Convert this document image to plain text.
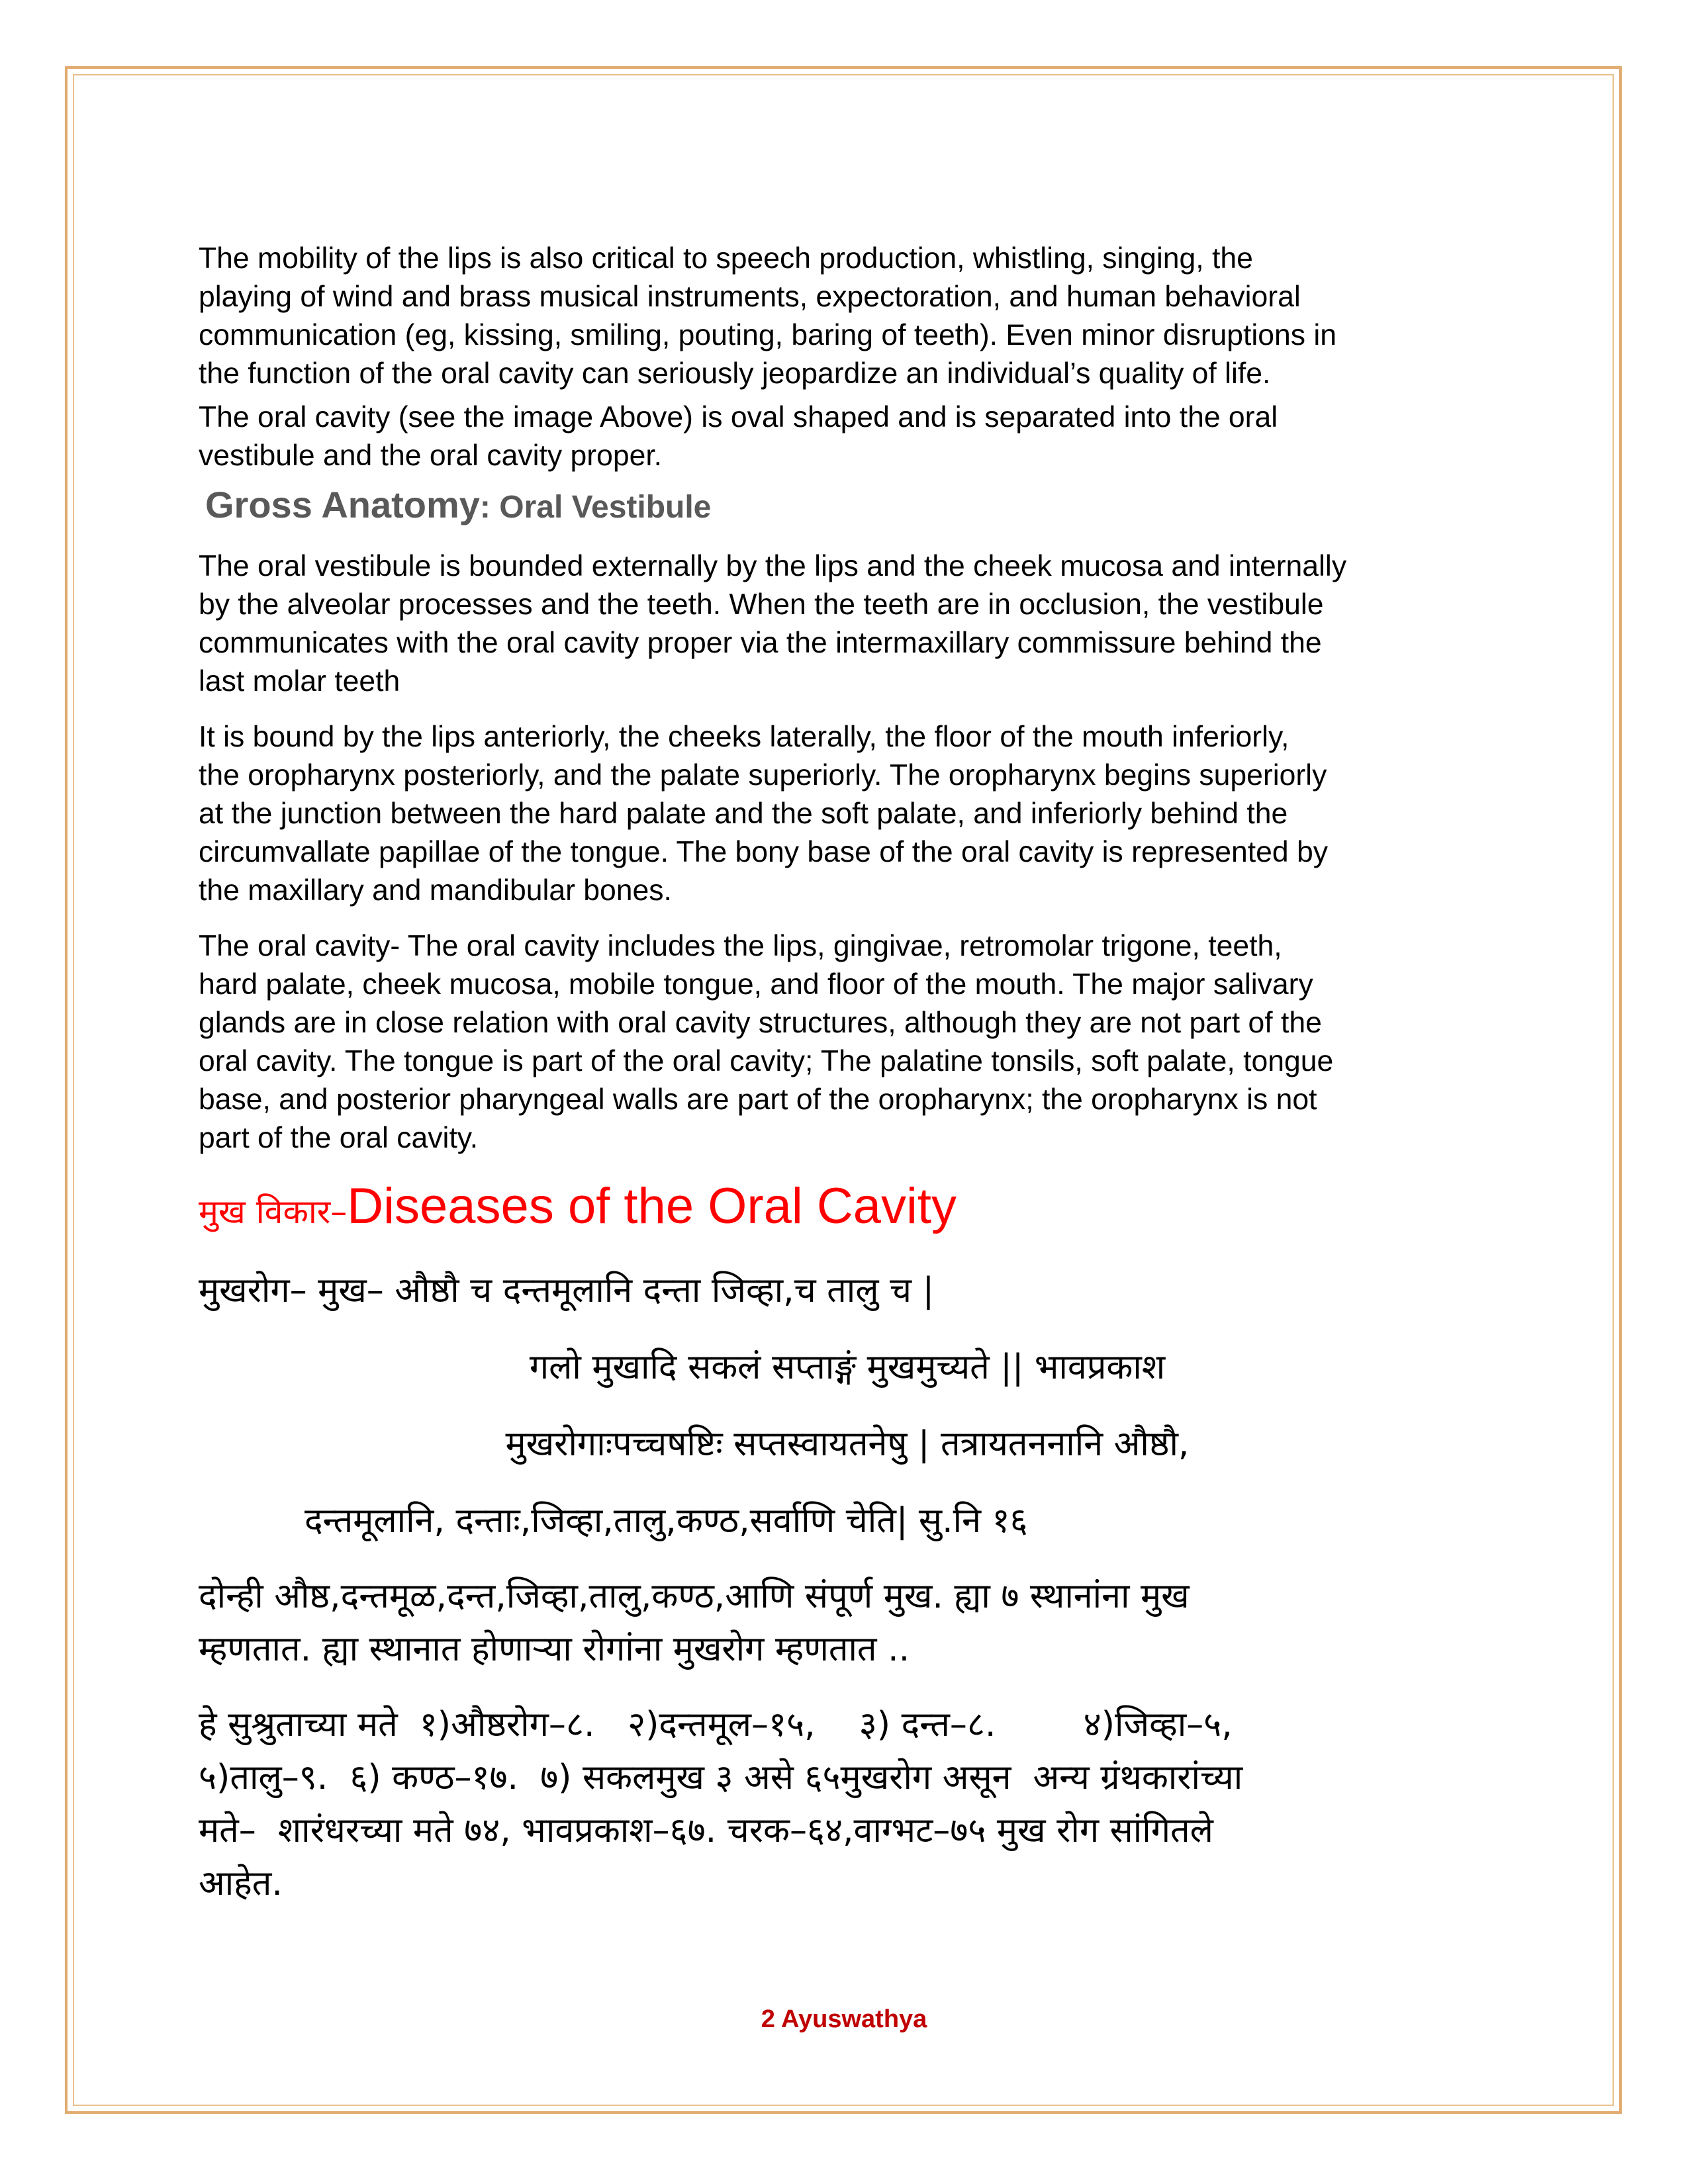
The mobility of the lips is also critical to speech production, whistling, singing, the
playing of wind and brass musical instruments, expectoration, and human behavioral
communication (eg, kissing, smiling, pouting, baring of teeth). Even minor disruptions in
the function of the oral cavity can seriously jeopardize an individual’s quality of life.

The oral cavity (see the image Above) is oval shaped and is separated into the oral
vestibule and the oral cavity proper.

Gross Anatomy: Oral Vestibule

The oral vestibule is bounded externally by the lips and the cheek mucosa and internally
by the alveolar processes and the teeth. When the teeth are in occlusion, the vestibule
communicates with the oral cavity proper via the intermaxillary commissure behind the
last molar teeth

It is bound by the lips anteriorly, the cheeks laterally, the floor of the mouth inferiorly,
the oropharynx posteriorly, and the palate superiorly. The oropharynx begins superiorly
at the junction between the hard palate and the soft palate, and inferiorly behind the
circumvallate papillae of the tongue. The bony base of the oral cavity is represented by
the maxillary and mandibular bones.

The oral cavity- The oral cavity includes the lips, gingivae, retromolar trigone, teeth,
hard palate, cheek mucosa, mobile tongue, and floor of the mouth. The major salivary
glands are in close relation with oral cavity structures, although they are not part of the
oral cavity. The tongue is part of the oral cavity; The palatine tonsils, soft palate, tongue
base, and posterior pharyngeal walls are part of the oropharynx; the oropharynx is not
part of the oral cavity.

मुख विकार–Diseases of the Oral Cavity

मुखरोग– मुख– औष्ठौ च दन्तमूलानि दन्ता जिव्हा,च तालु च |

गलो मुखादि सकलं सप्ताङ्गं मुखमुच्यते || भावप्रकाश

मुखरोगाःपच्चषष्टिः सप्तस्वायतनेषु | तत्रायतननानि औष्ठौ,

दन्तमूलानि, दन्ताः,जिव्हा,तालु,कण्ठ,सर्वाणि चेति| सु.नि १६

दोन्ही औष्ठ,दन्तमूळ,दन्त,जिव्हा,तालु,कण्ठ,आणि संपूर्ण मुख. ह्या ७ स्थानांना मुख

म्हणतात. ह्या स्थानात होणाऱ्या रोगांना मुखरोग म्हणतात ..

हे सुश्रुताच्या मते  १)औष्ठरोग–८.   २)दन्तमूल–१५,    ३) दन्त–८.        ४)जिव्हा–५,

५)तालु–९.  ६) कण्ठ–१७.  ७) सकलमुख ३ असे ६५मुखरोग असून  अन्य ग्रंथकारांच्या

मते–  शारंधरच्या मते ७४, भावप्रकाश–६७. चरक–६४,वाग्भट–७५ मुख रोग सांगितले

आहेत.

2 Ayuswathya
